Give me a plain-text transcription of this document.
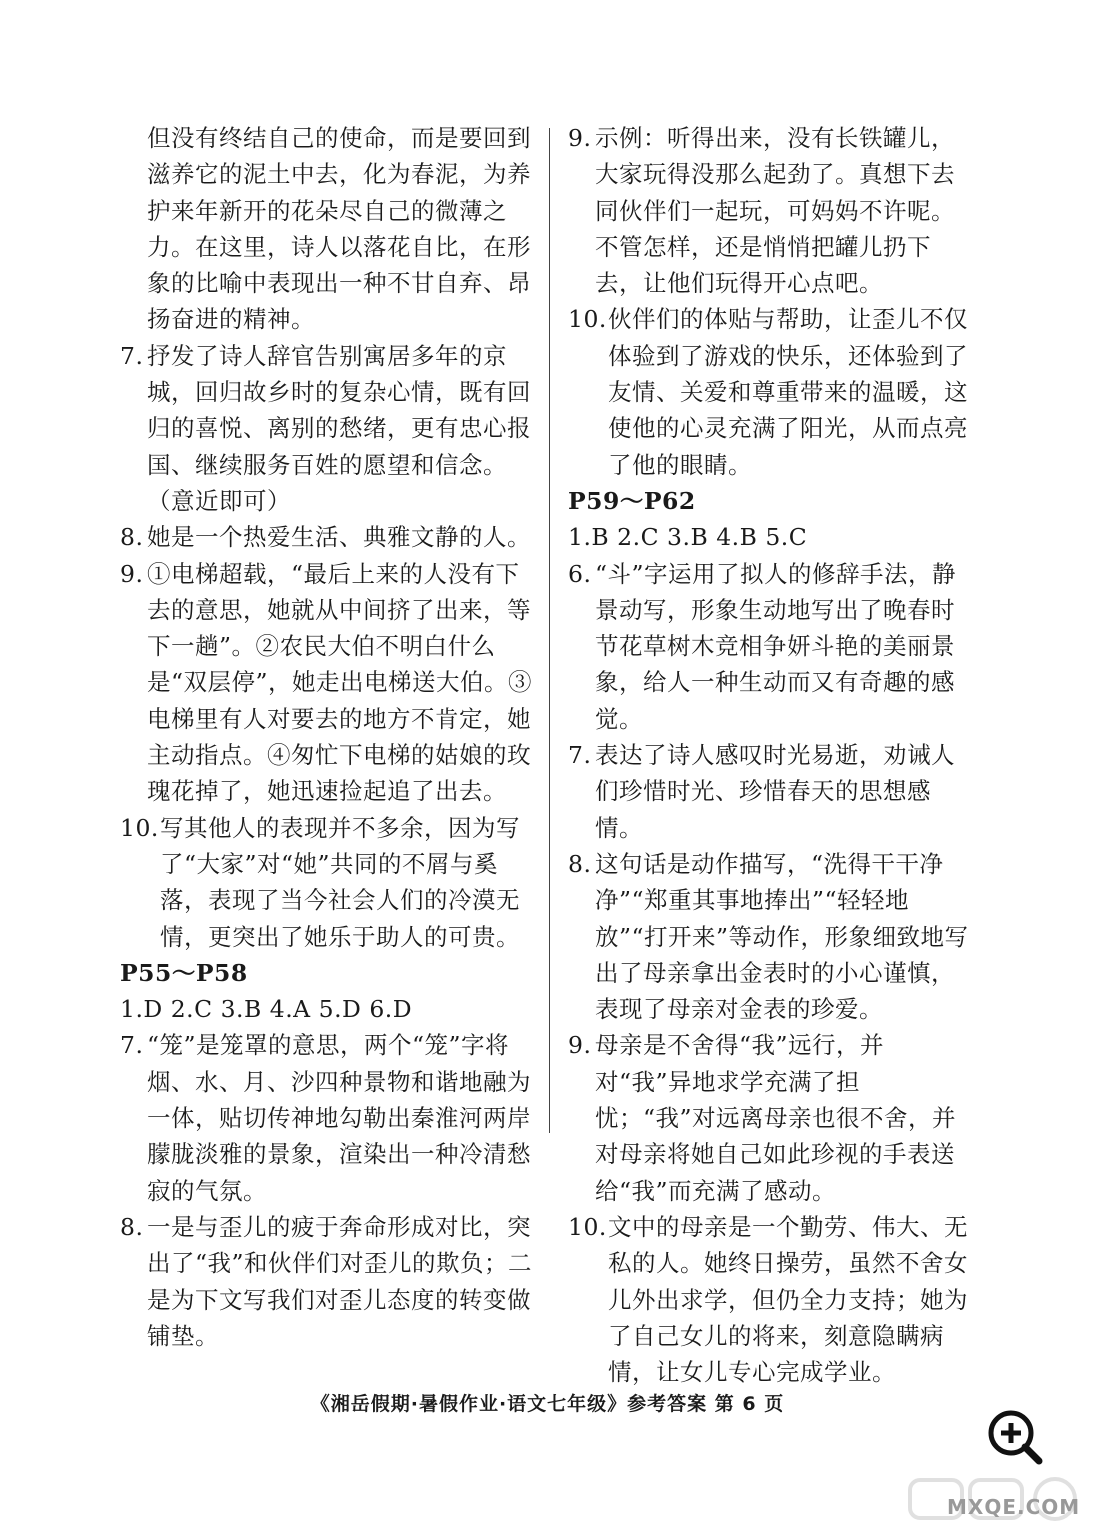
但没有终结自己的使命，而是要回到滋养它的泥土中去，化为春泥，为养护来年新开的花朵尽自己的微薄之力。在这里，诗人以落花自比，在形象的比喻中表现出一种不甘自弃、昂扬奋进的精神。

7. 抒发了诗人辞官告别寓居多年的京城，回归故乡时的复杂心情，既有回归的喜悦、离别的愁绪，更有忠心报国、继续服务百姓的愿望和信念。（意近即可）

8. 她是一个热爱生活、典雅文静的人。

9. ①电梯超载，“最后上来的人没有下去的意思，她就从中间挤了出来，等下一趟”。②农民大伯不明白什么是“双层停”，她走出电梯送大伯。③电梯里有人对要去的地方不肯定，她主动指点。④匆忙下电梯的姑娘的玫瑰花掉了，她迅速捡起追了出去。

10. 写其他人的表现并不多余，因为写了“大家”对“她”共同的不屑与奚落，表现了当今社会人们的冷漠无情，更突出了她乐于助人的可贵。

P55～P58

1.D 2.C 3.B 4.A 5.D 6.D

7. “笼”是笼罩的意思，两个“笼”字将烟、水、月、沙四种景物和谐地融为一体，贴切传神地勾勒出秦淮河两岸朦胧淡雅的景象，渲染出一种冷清愁寂的气氛。

8. 一是与歪儿的疲于奔命形成对比，突出了“我”和伙伴们对歪儿的欺负；二是为下文写我们对歪儿态度的转变做铺垫。

9. 示例：听得出来，没有长铁罐儿，大家玩得没那么起劲了。真想下去同伙伴们一起玩，可妈妈不许呢。不管怎样，还是悄悄把罐儿扔下去，让他们玩得开心点吧。

10. 伙伴们的体贴与帮助，让歪儿不仅体验到了游戏的快乐，还体验到了友情、关爱和尊重带来的温暖，这使他的心灵充满了阳光，从而点亮了他的眼睛。

P59～P62

1.B 2.C 3.B 4.B 5.C

6. “斗”字运用了拟人的修辞手法，静景动写，形象生动地写出了晚春时节花草树木竞相争妍斗艳的美丽景象，给人一种生动而又有奇趣的感觉。

7. 表达了诗人感叹时光易逝，劝诫人们珍惜时光、珍惜春天的思想感情。

8. 这句话是动作描写，“洗得干干净净”“郑重其事地捧出”“轻轻地放”“打开来”等动作，形象细致地写出了母亲拿出金表时的小心谨慎，表现了母亲对金表的珍爱。

9. 母亲是不舍得“我”远行，并对“我”异地求学充满了担忧；“我”对远离母亲也很不舍，并对母亲将她自己如此珍视的手表送给“我”而充满了感动。

10. 文中的母亲是一个勤劳、伟大、无私的人。她终日操劳，虽然不舍女儿外出求学，但仍全力支持；她为了自己女儿的将来，刻意隐瞒病情，让女儿专心完成学业。

《湘岳假期·暑假作业·语文七年级》参考答案 第 6 页
MXQE.COM
